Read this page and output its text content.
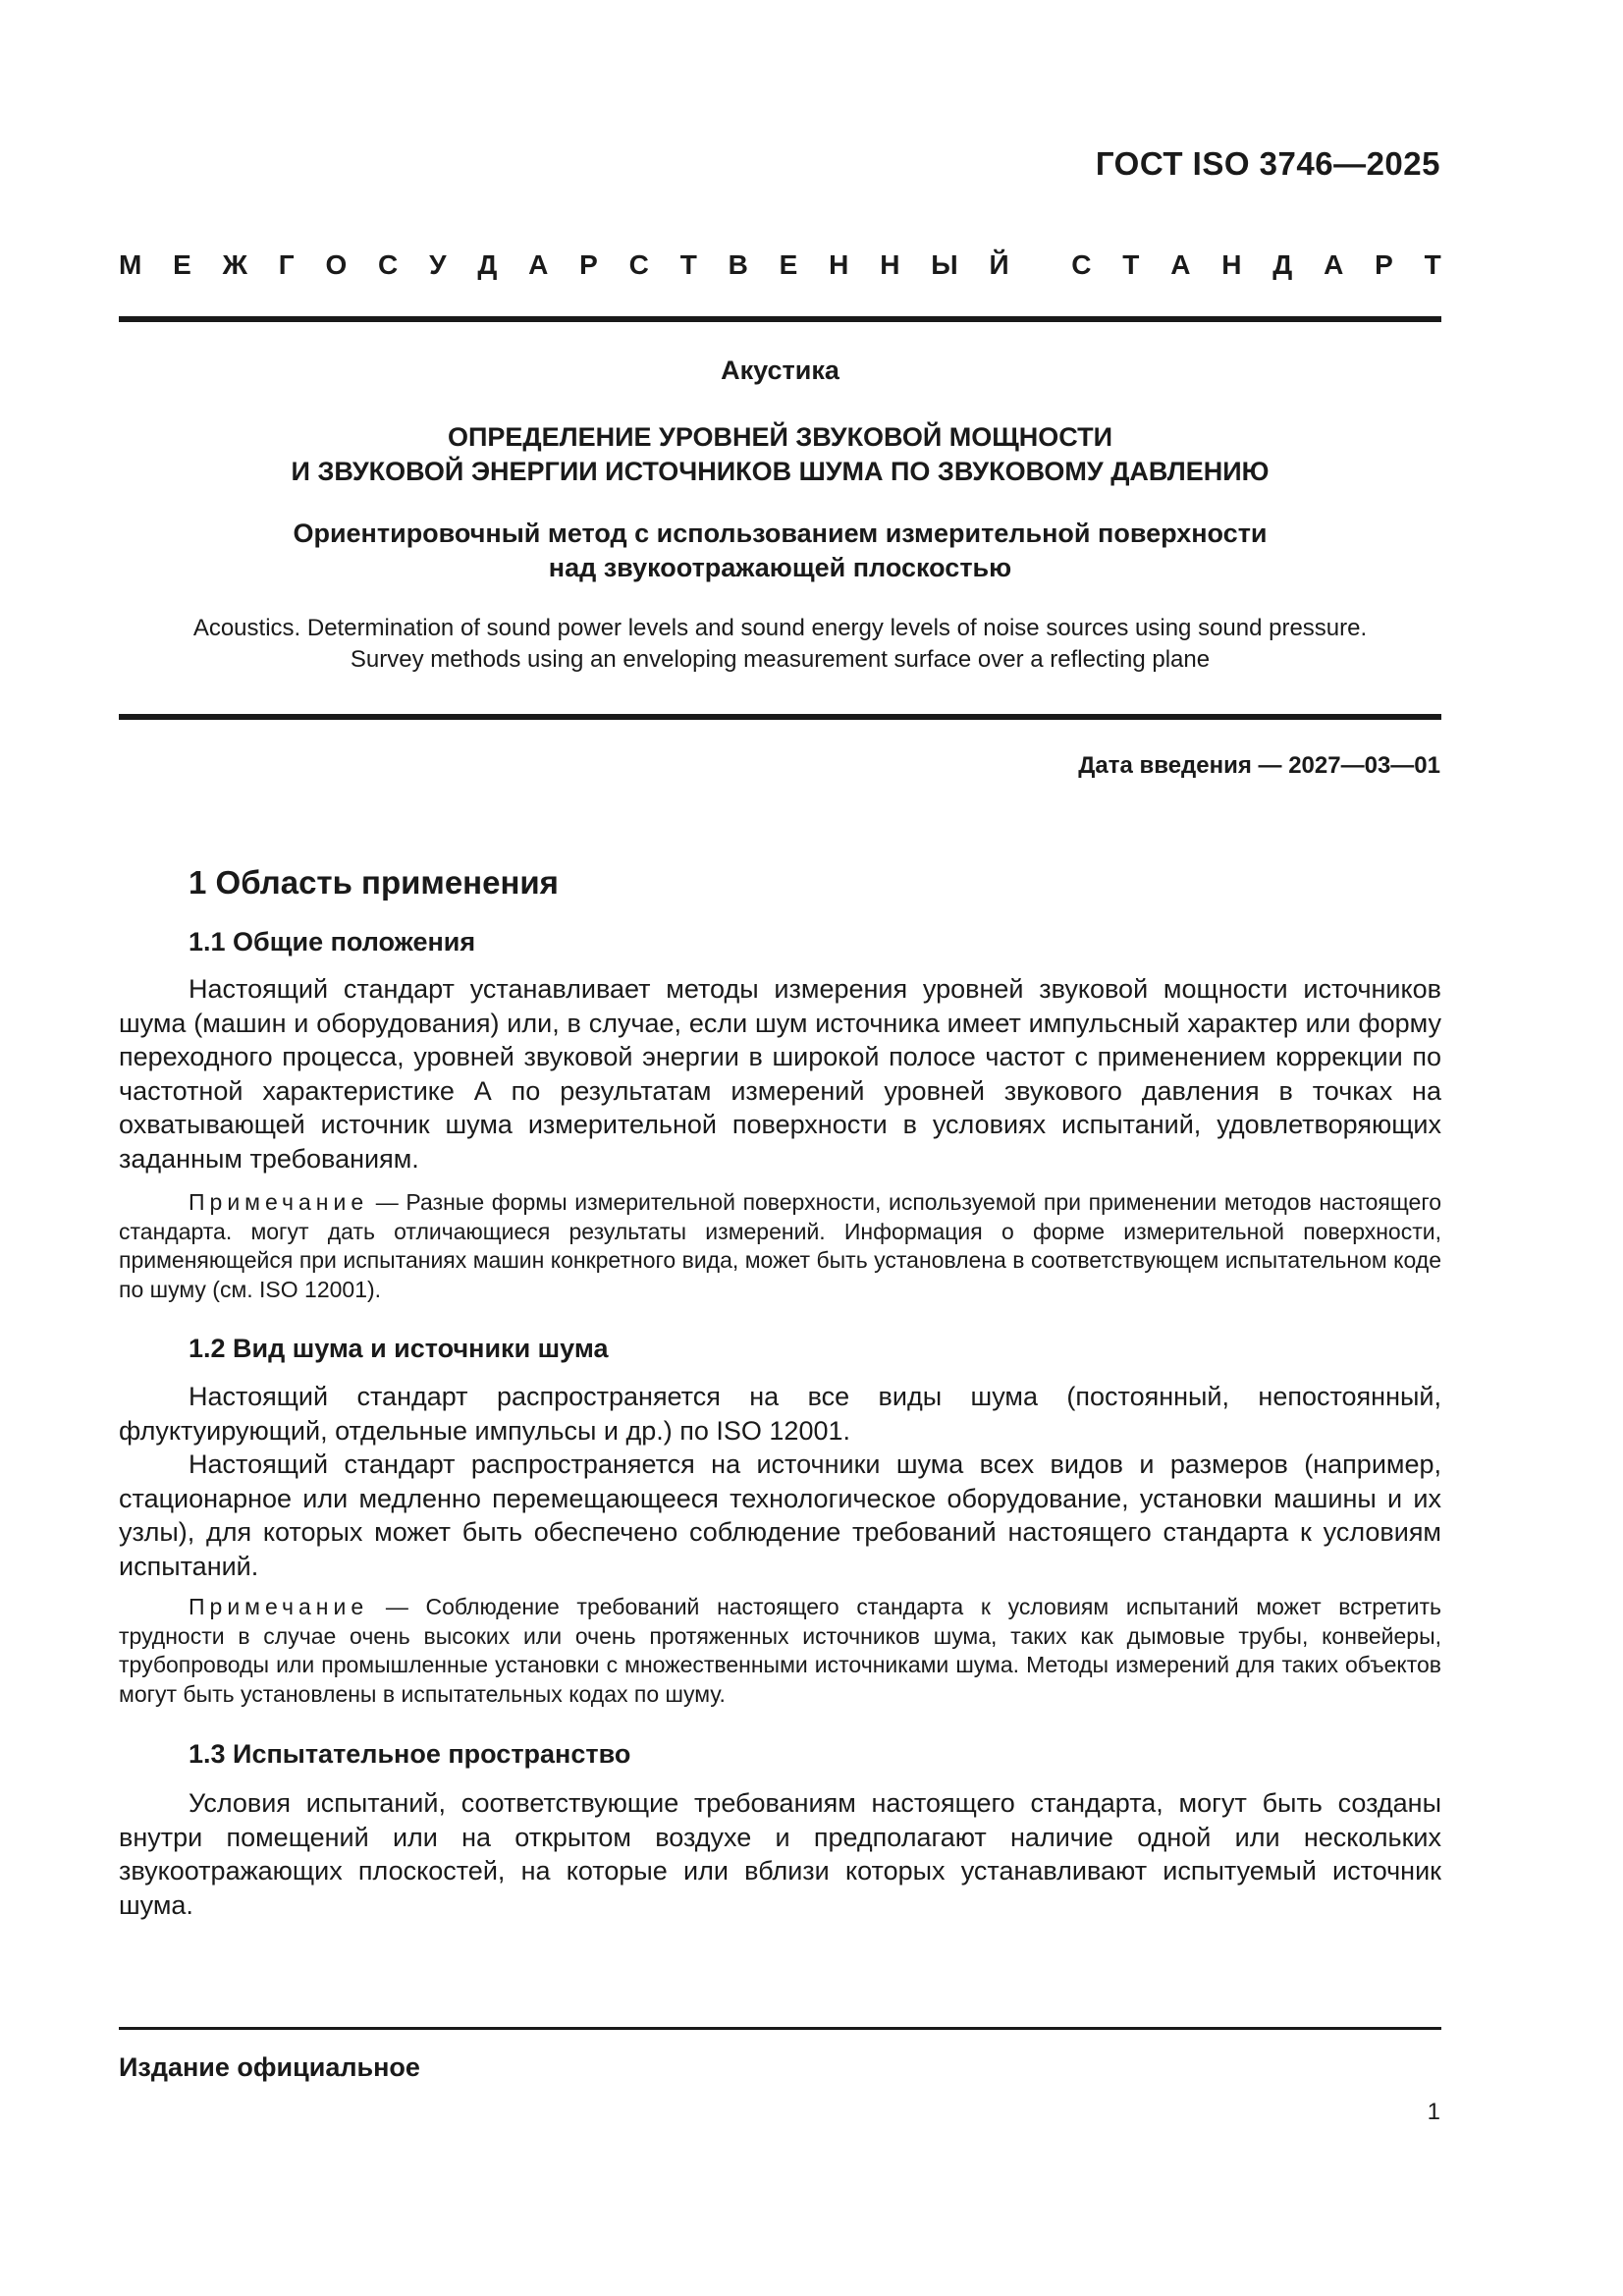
ГОСТ ISO 3746—2025
М Е Ж Г О С У Д А Р С Т В Е Н Н Ы Й С Т А Н Д А Р Т
Акустика
ОПРЕДЕЛЕНИЕ УРОВНЕЙ ЗВУКОВОЙ МОЩНОСТИ
И ЗВУКОВОЙ ЭНЕРГИИ ИСТОЧНИКОВ ШУМА ПО ЗВУКОВОМУ ДАВЛЕНИЮ
Ориентировочный метод с использованием измерительной поверхности
над звукоотражающей плоскостью
Acoustics. Determination of sound power levels and sound energy levels of noise sources using sound pressure.
Survey methods using an enveloping measurement surface over a reflecting plane
Дата введения — 2027—03—01
1 Область применения
1.1 Общие положения

Настоящий стандарт устанавливает методы измерения уровней звуковой мощности источников шума (машин и оборудования) или, в случае, если шум источника имеет импульсный характер или форму переходного процесса, уровней звуковой энергии в широкой полосе частот с применением коррекции по частотной характеристике А по результатам измерений уровней звукового давления в точках на охватывающей источник шума измерительной поверхности в условиях испытаний, удовлетворяющих заданным требованиям.

Примечание — Разные формы измерительной поверхности, используемой при применении методов настоящего стандарта. могут дать отличающиеся результаты измерений. Информация о форме измерительной поверхности, применяющейся при испытаниях машин конкретного вида, может быть установлена в соответствующем испытательном коде по шуму (см. ISO 12001).

1.2 Вид шума и источники шума

Настоящий стандарт распространяется на все виды шума (постоянный, непостоянный, флуктуирующий, отдельные импульсы и др.) по ISO 12001.

Настоящий стандарт распространяется на источники шума всех видов и размеров (например, стационарное или медленно перемещающееся технологическое оборудование, установки машины и их узлы), для которых может быть обеспечено соблюдение требований настоящего стандарта к условиям испытаний.

Примечание — Соблюдение требований настоящего стандарта к условиям испытаний может встретить трудности в случае очень высоких или очень протяженных источников шума, таких как дымовые трубы, конвейеры, трубопроводы или промышленные установки с множественными источниками шума. Методы измерений для таких объектов могут быть установлены в испытательных кодах по шуму.

1.3 Испытательное пространство

Условия испытаний, соответствующие требованиям настоящего стандарта, могут быть созданы внутри помещений или на открытом воздухе и предполагают наличие одной или нескольких звукоотражающих плоскостей, на которые или вблизи которых устанавливают испытуемый источник шума.

Издание официальное
1
